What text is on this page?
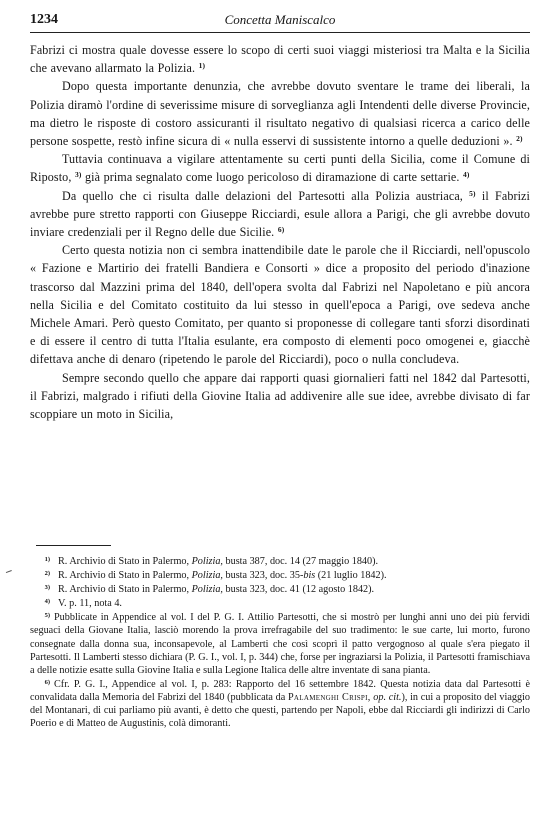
1234	Concetta Maniscalco

Fabrizi ci mostra quale dovesse essere lo scopo di certi suoi viaggi misteriosi tra Malta e la Sicilia che avevano allarmato la Polizia. $^{1)}$

Dopo questa importante denunzia, che avrebbe dovuto sventare le trame dei liberali, la Polizia diramò l'ordine di severissime misure di sorveglianza agli Intendenti delle diverse Provincie, ma dietro le risposte di costoro assicuranti il risultato negativo di qualsiasi ricerca a carico delle persone sospette, restò infine sicura di « nulla esservi di sussistente intorno a quelle deduzioni ». $^{2)}$

Tuttavia continuava a vigilare attentamente su certi punti della Sicilia, come il Comune di Riposto, $^{3)}$ già prima segnalato come luogo pericoloso di diramazione di carte settarie. $^{4)}$

Da quello che ci risulta dalle delazioni del Partesotti alla Polizia austriaca, $^{5)}$ il Fabrizi avrebbe pure stretto rapporti con Giuseppe Ricciardi, esule allora a Parigi, che gli avrebbe dovuto inviare credenziali per il Regno delle due Sicilie. $^{6)}$

Certo questa notizia non ci sembra inattendibile date le parole che il Ricciardi, nell'opuscolo « Fazione e Martirio dei fratelli Bandiera e Consorti » dice a proposito del periodo d'inazione trascorso dal Mazzini prima del 1840, dell'opera svolta dal Fabrizi nel Napoletano e più ancora nella Sicilia e del Comitato costituito da lui stesso in quell'epoca a Parigi, ove sedeva anche Michele Amari. Però questo Comitato, per quanto si proponesse di collegare tanti sforzi disordinati e di essere il centro di tutta l'Italia esulante, era composto di elementi poco omogenei e, giacchè difettava anche di denaro (ripetendo le parole del Ricciardi), poco o nulla concludeva.

Sempre secondo quello che appare dai rapporti quasi giornalieri fatti nel 1842 dal Partesotti, il Fabrizi, malgrado i rifiuti della Giovine Italia ad addivenire alle sue idee, avrebbe divisato di far scoppiare un moto in Sicilia,

$^{1)}$ R. Archivio di Stato in Palermo, Polizia, busta 387, doc. 14 (27 maggio 1840).

$^{2)}$ R. Archivio di Stato in Palermo, Polizia, busta 323, doc. 35-bis (21 luglio 1842).

$^{3)}$ R. Archivio di Stato in Palermo, Polizia, busta 323, doc. 41 (12 agosto 1842).

$^{4)}$ V. p. 11, nota 4.

$^{5)}$ Pubblicate in Appendice al vol. I del P. G. I. Attilio Partesotti, che si mostrò per lunghi anni uno dei più fervidi seguaci della Giovane Italia, lasciò morendo la prova irrefragabile del suo tradimento: le sue carte, lui morto, furono consegnate dalla donna sua, inconsapevole, al Lamberti che così scoprì il patto vergognoso al quale s'era piegato il Partesotti. Il Lamberti stesso dichiara (P. G. I., vol. I, p. 344) che, forse per ingraziarsi la Polizia, il Partesotti framischiava a delle notizie esatte sulla Giovine Italia e sulla Legione Italica delle altre inventate di sana pianta.

$^{6)}$ Cfr. P. G. I., Appendice al vol. I, p. 283: Rapporto del 16 settembre 1842. Questa notizia data dal Partesotti è convalidata dalla Memoria del Fabrizi del 1840 (pubblicata da Palamenghi Crispi, op. cit.), in cui a proposito del viaggio del Montanari, di cui parliamo più avanti, è detto che questi, partendo per Napoli, ebbe dal Ricciardi gli indirizzi di Carlo Poerio e di Matteo de Augustinis, colà dimoranti.
